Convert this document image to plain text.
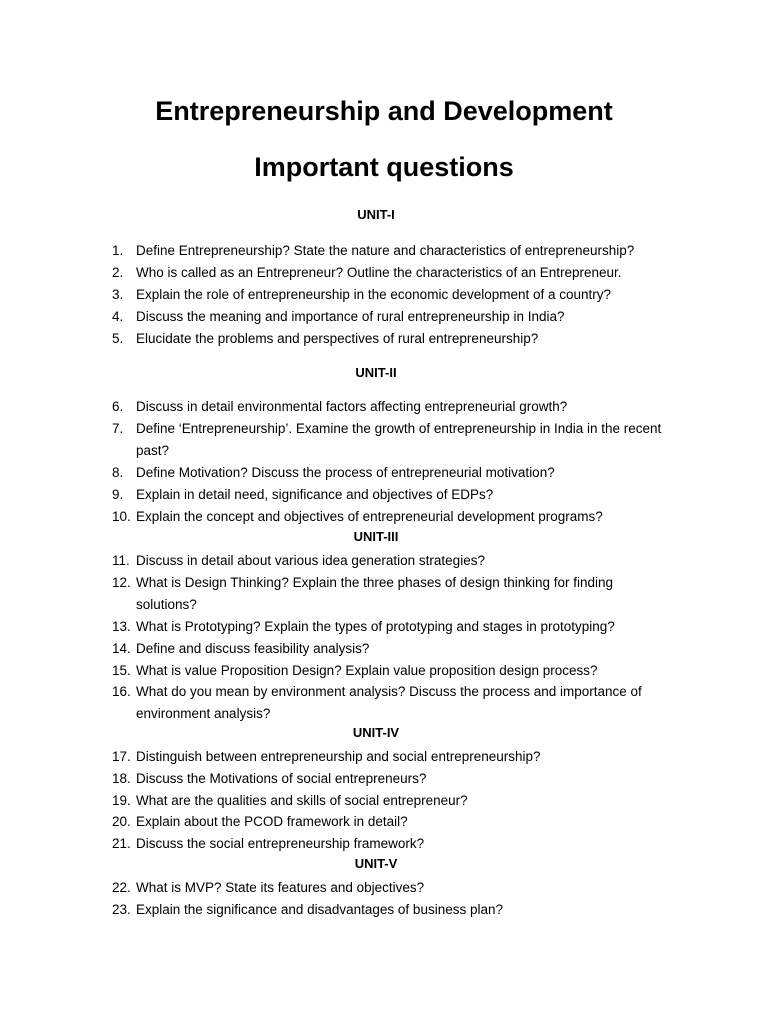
Entrepreneurship and Development
Important questions
UNIT-I
1. Define Entrepreneurship? State the nature and characteristics of entrepreneurship?
2. Who is called as an Entrepreneur? Outline the characteristics of an Entrepreneur.
3. Explain the role of entrepreneurship in the economic development of a country?
4. Discuss the meaning and importance of rural entrepreneurship in India?
5. Elucidate the problems and perspectives of rural entrepreneurship?
UNIT-II
6. Discuss in detail environmental factors affecting entrepreneurial growth?
7. Define ‘Entrepreneurship’. Examine the growth of entrepreneurship in India in the recent past?
8. Define Motivation? Discuss the process of entrepreneurial motivation?
9. Explain in detail need, significance and objectives of EDPs?
10. Explain the concept and objectives of entrepreneurial development programs?
UNIT-III
11. Discuss in detail about various idea generation strategies?
12. What is Design Thinking? Explain the three phases of design thinking for finding solutions?
13. What is Prototyping? Explain the types of prototyping and stages in prototyping?
14. Define and discuss feasibility analysis?
15. What is value Proposition Design? Explain value proposition design process?
16. What do you mean by environment analysis? Discuss the process and importance of environment analysis?
UNIT-IV
17. Distinguish between entrepreneurship and social entrepreneurship?
18. Discuss the Motivations of social entrepreneurs?
19. What are the qualities and skills of social entrepreneur?
20. Explain about the PCOD framework in detail?
21. Discuss the social entrepreneurship framework?
UNIT-V
22. What is MVP? State its features and objectives?
23. Explain the significance and disadvantages of business plan?
